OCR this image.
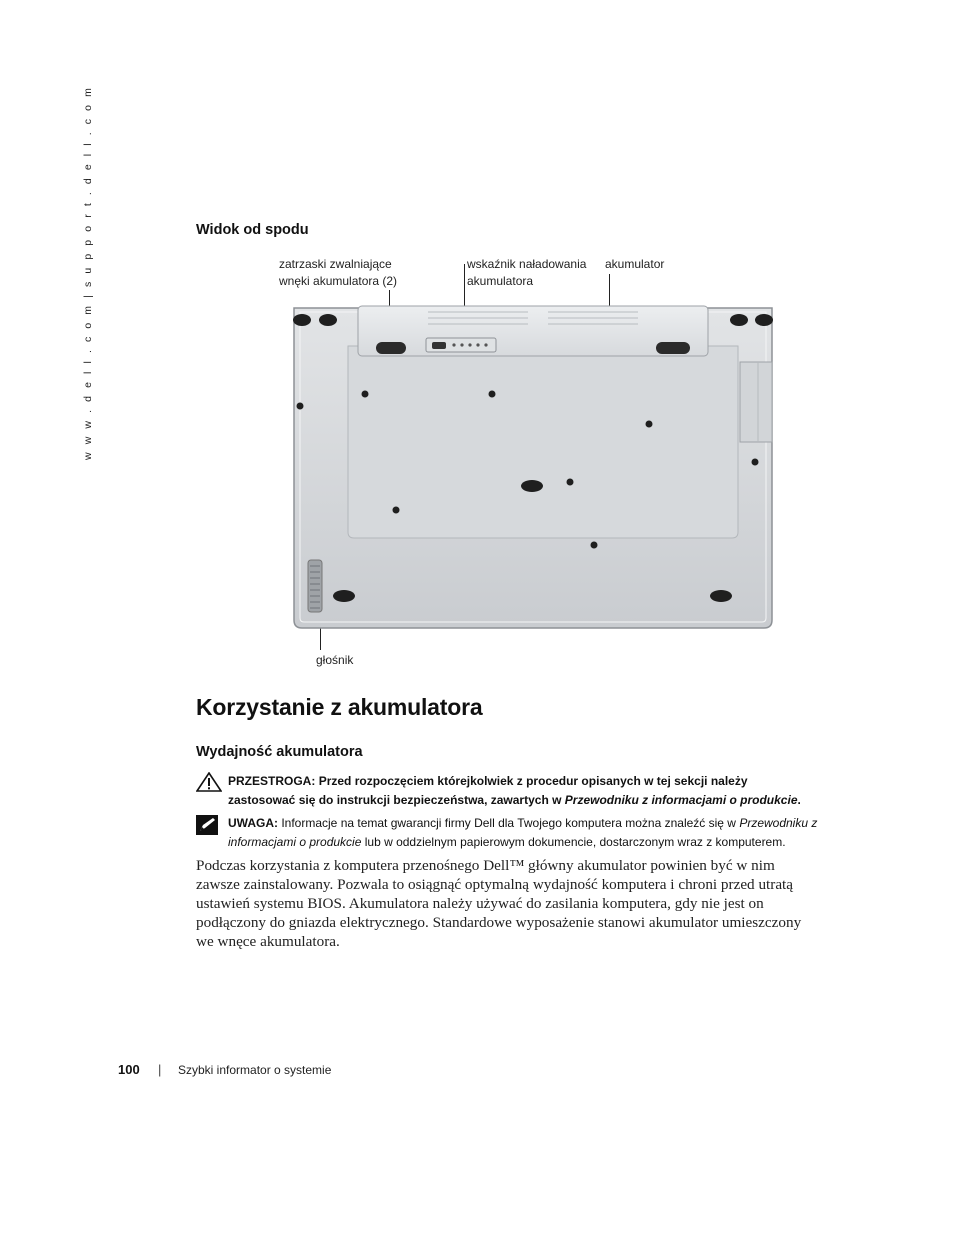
w w w . d e l l . c o m | s u p p o r t . d e l l . c o m	Widok od spodu
zatrzaski zwalniające
wnęki akumulatora (2)
wskaźnik naładowania
akumulatora
akumulator
głośnik
Korzystanie z akumulatora
Wydajność akumulatora
PRZESTROGA: Przed rozpoczęciem którejkolwiek z procedur opisanych w tej sekcji należy
zastosować się do instrukcji bezpieczeństwa, zawartych w Przewodniku z informacjami o produkcie.
UWAGA: Informacje na temat gwarancji firmy Dell dla Twojego komputera można znaleźć się w Przewodniku z
informacjami o produkcie lub w oddzielnym papierowym dokumencie, dostarczonym wraz z komputerem.
Podczas korzystania z komputera przenośnego Dell™ główny akumulator powinien być w nim zawsze zainstalowany. Pozwala to osiągnąć optymalną wydajność komputera i chroni przed utratą ustawień systemu BIOS. Akumulatora należy używać do zasilania komputera, gdy nie jest on podłączony do gniazda elektrycznego. Standardowe wyposażenie stanowi akumulator umieszczony we wnęce akumulatora.
100 | Szybki informator o systemie
